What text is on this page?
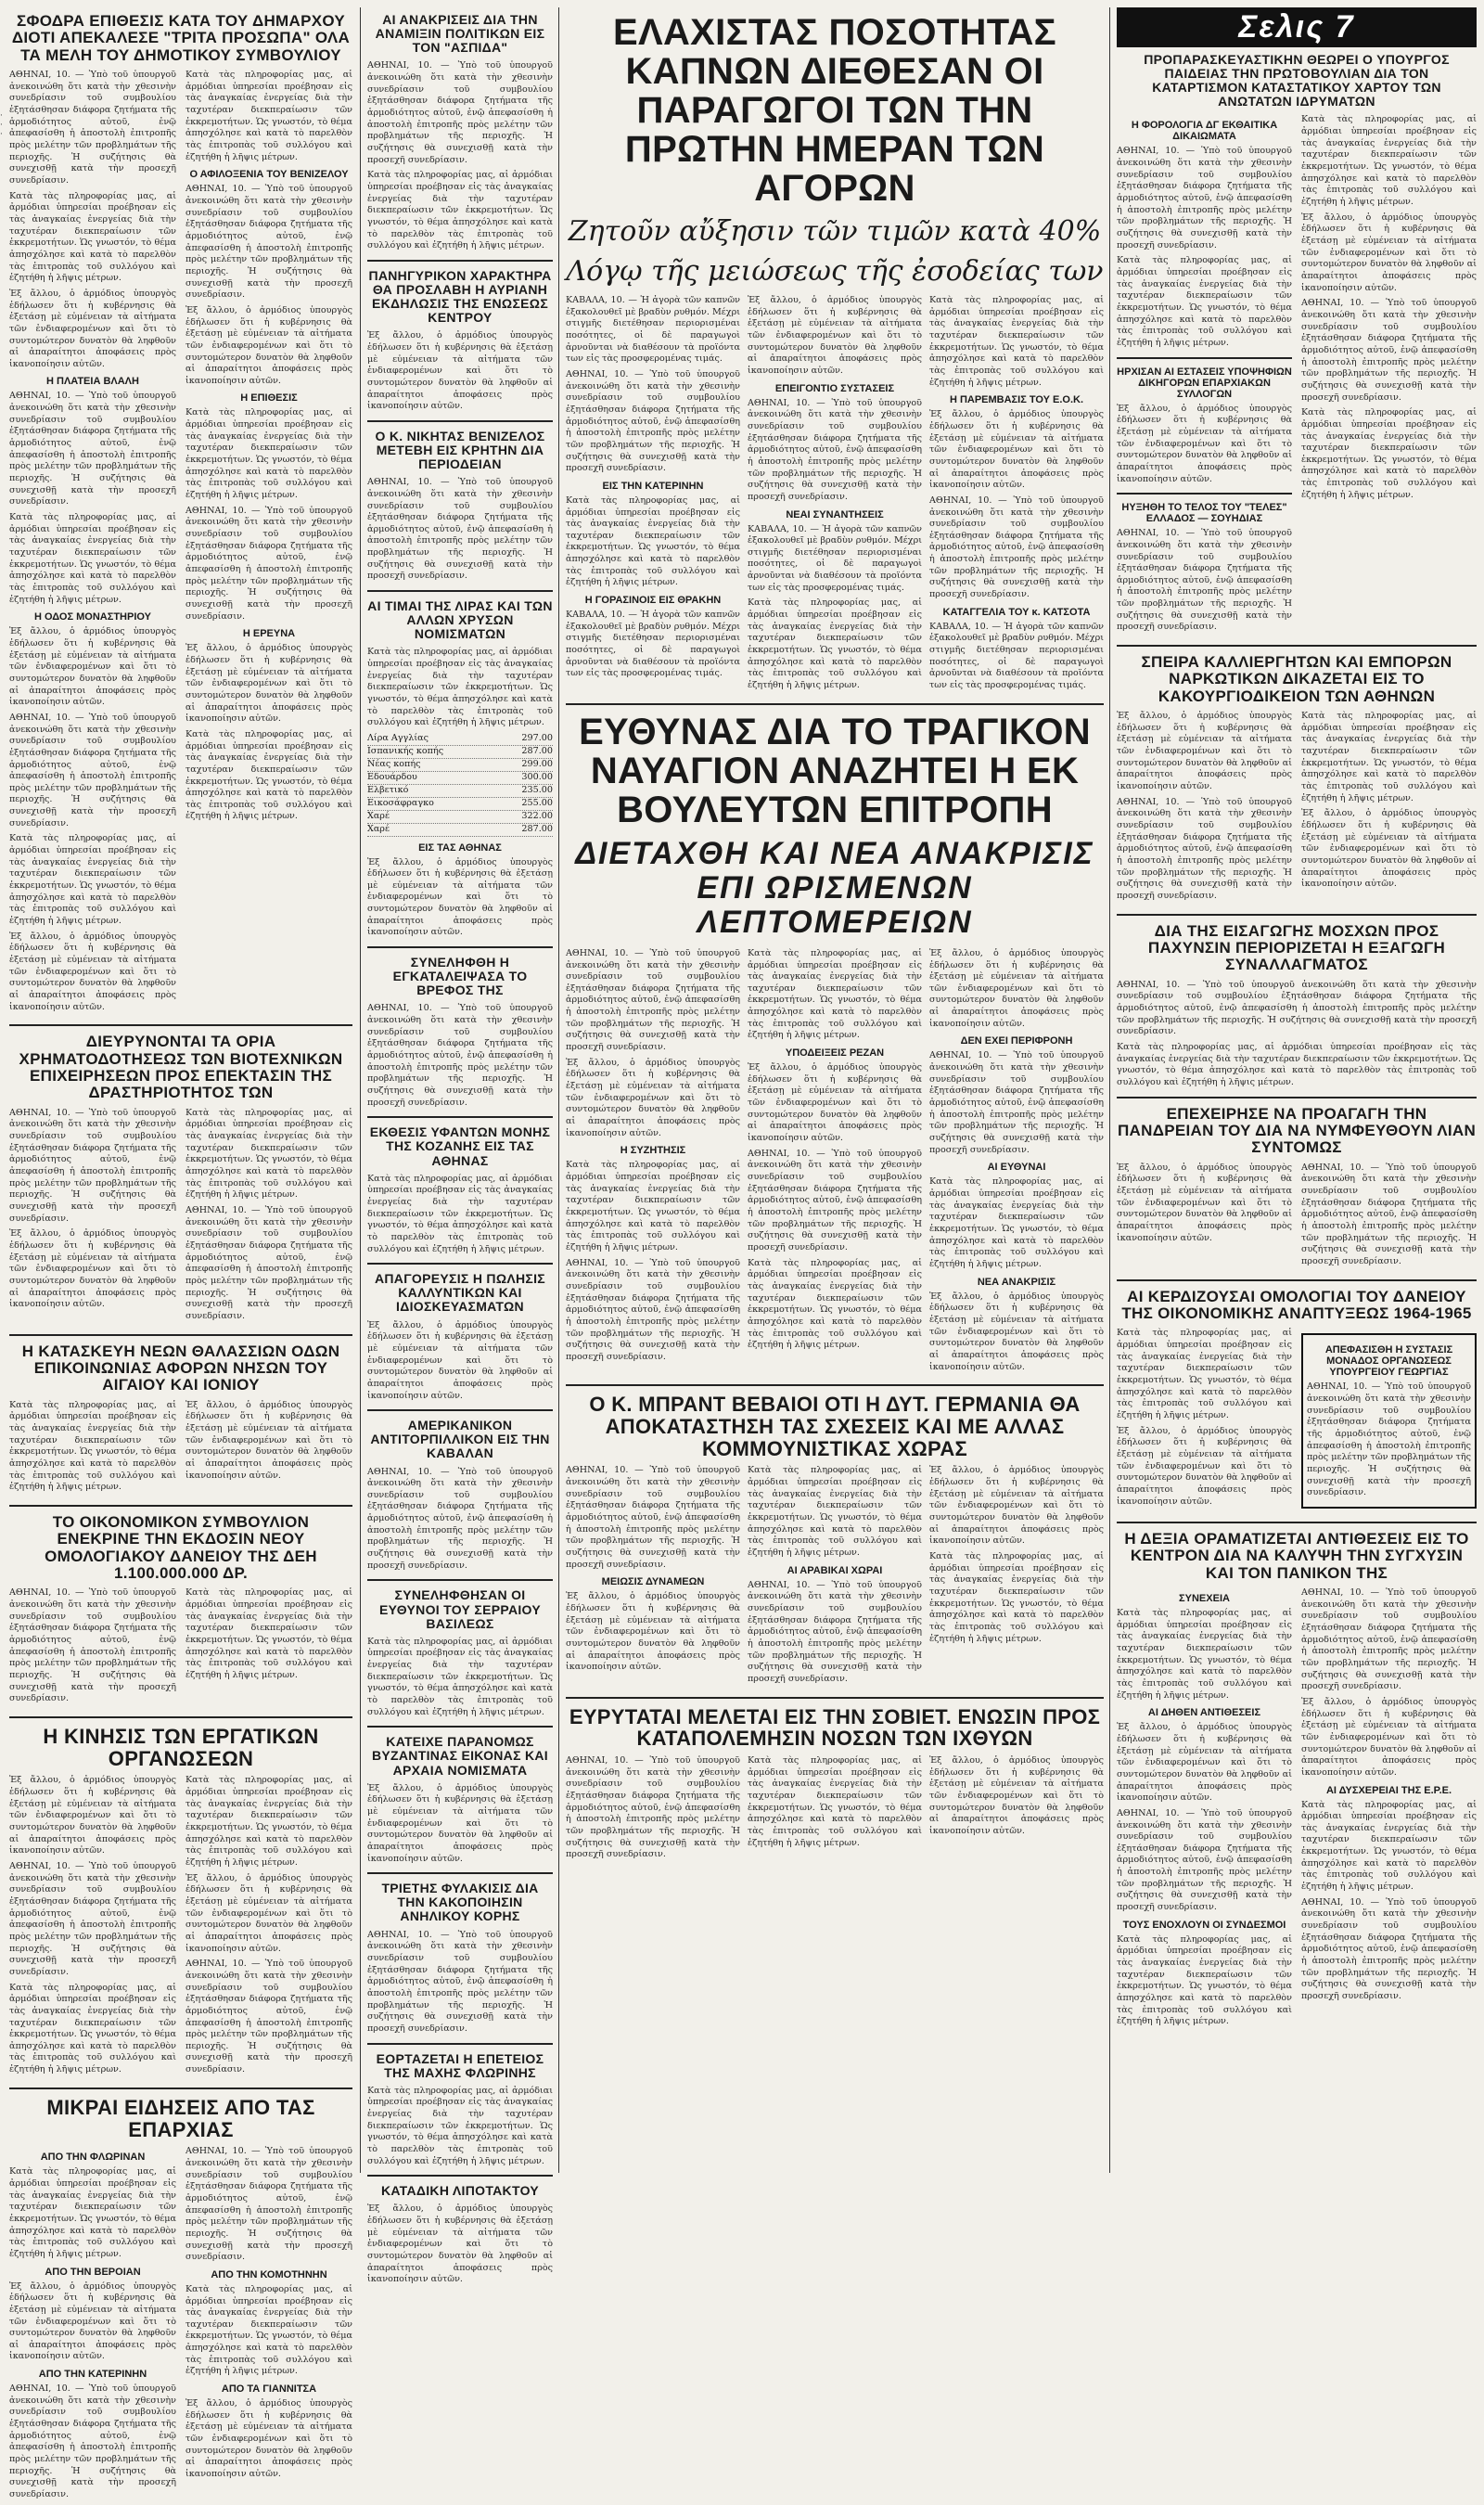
·
·
·
ΣΦΟΔΡΑ ΕΠΙΘΕΣΙΣ ΚΑΤΑ ΤΟΥ ΔΗΜΑΡΧΟΥ ΔΙΟΤΙ ΑΠΕΚΑΛΕΣΕ "ΤΡΙΤΑ ΠΡΟΣΩΠΑ" ΟΛΑ ΤΑ ΜΕΛΗ ΤΟΥ ΔΗΜΟΤΙΚΟΥ ΣΥΜΒΟΥΛΙΟΥ

ΑΘΗΝΑΙ, 10. — Ὑπὸ τοῦ ὑπουργοῦ ἀνεκοινώθη ὅτι κατὰ τὴν χθεσινὴν συνεδρίασιν τοῦ συμβουλίου ἐξητάσθησαν διάφορα ζητήματα τῆς ἁρμοδιότητος αὐτοῦ, ἐνῷ ἀπεφασίσθη ἡ ἀποστολὴ ἐπιτροπῆς πρὸς μελέτην τῶν προβλημάτων τῆς περιοχῆς. Ἡ συζήτησις θὰ συνεχισθῇ κατὰ τὴν προσεχῆ συνεδρίασιν.

Κατὰ τὰς πληροφορίας μας, αἱ ἀρμόδιαι ὑπηρεσίαι προέβησαν εἰς τὰς ἀναγκαίας ἐνεργείας διὰ τὴν ταχυτέραν διεκπεραίωσιν τῶν ἐκκρεμοτήτων. Ὡς γνωστόν, τὸ θέμα ἀπησχόλησε καὶ κατὰ τὸ παρελθὸν τὰς ἐπιτροπὰς τοῦ συλλόγου καὶ ἐζητήθη ἡ λῆψις μέτρων.

Ἐξ ἄλλου, ὁ ἀρμόδιος ὑπουργὸς ἐδήλωσεν ὅτι ἡ κυβέρνησις θὰ ἐξετάσῃ μὲ εὐμένειαν τὰ αἰτήματα τῶν ἐνδιαφερομένων καὶ ὅτι τὸ συντομώτερον δυνατὸν θὰ ληφθοῦν αἱ ἀπαραίτητοι ἀποφάσεις πρὸς ἱκανοποίησιν αὐτῶν.

Η ΠΛΑΤΕΙΑ ΒΛΑΛΗ

ΑΘΗΝΑΙ, 10. — Ὑπὸ τοῦ ὑπουργοῦ ἀνεκοινώθη ὅτι κατὰ τὴν χθεσινὴν συνεδρίασιν τοῦ συμβουλίου ἐξητάσθησαν διάφορα ζητήματα τῆς ἁρμοδιότητος αὐτοῦ, ἐνῷ ἀπεφασίσθη ἡ ἀποστολὴ ἐπιτροπῆς πρὸς μελέτην τῶν προβλημάτων τῆς περιοχῆς. Ἡ συζήτησις θὰ συνεχισθῇ κατὰ τὴν προσεχῆ συνεδρίασιν.

Κατὰ τὰς πληροφορίας μας, αἱ ἀρμόδιαι ὑπηρεσίαι προέβησαν εἰς τὰς ἀναγκαίας ἐνεργείας διὰ τὴν ταχυτέραν διεκπεραίωσιν τῶν ἐκκρεμοτήτων. Ὡς γνωστόν, τὸ θέμα ἀπησχόλησε καὶ κατὰ τὸ παρελθὸν τὰς ἐπιτροπὰς τοῦ συλλόγου καὶ ἐζητήθη ἡ λῆψις μέτρων.

Η ΟΔΟΣ ΜΟΝΑΣΤΗΡΙΟΥ

Ἐξ ἄλλου, ὁ ἀρμόδιος ὑπουργὸς ἐδήλωσεν ὅτι ἡ κυβέρνησις θὰ ἐξετάσῃ μὲ εὐμένειαν τὰ αἰτήματα τῶν ἐνδιαφερομένων καὶ ὅτι τὸ συντομώτερον δυνατὸν θὰ ληφθοῦν αἱ ἀπαραίτητοι ἀποφάσεις πρὸς ἱκανοποίησιν αὐτῶν.

ΑΘΗΝΑΙ, 10. — Ὑπὸ τοῦ ὑπουργοῦ ἀνεκοινώθη ὅτι κατὰ τὴν χθεσινὴν συνεδρίασιν τοῦ συμβουλίου ἐξητάσθησαν διάφορα ζητήματα τῆς ἁρμοδιότητος αὐτοῦ, ἐνῷ ἀπεφασίσθη ἡ ἀποστολὴ ἐπιτροπῆς πρὸς μελέτην τῶν προβλημάτων τῆς περιοχῆς. Ἡ συζήτησις θὰ συνεχισθῇ κατὰ τὴν προσεχῆ συνεδρίασιν.

Κατὰ τὰς πληροφορίας μας, αἱ ἀρμόδιαι ὑπηρεσίαι προέβησαν εἰς τὰς ἀναγκαίας ἐνεργείας διὰ τὴν ταχυτέραν διεκπεραίωσιν τῶν ἐκκρεμοτήτων. Ὡς γνωστόν, τὸ θέμα ἀπησχόλησε καὶ κατὰ τὸ παρελθὸν τὰς ἐπιτροπὰς τοῦ συλλόγου καὶ ἐζητήθη ἡ λῆψις μέτρων.

Ἐξ ἄλλου, ὁ ἀρμόδιος ὑπουργὸς ἐδήλωσεν ὅτι ἡ κυβέρνησις θὰ ἐξετάσῃ μὲ εὐμένειαν τὰ αἰτήματα τῶν ἐνδιαφερομένων καὶ ὅτι τὸ συντομώτερον δυνατὸν θὰ ληφθοῦν αἱ ἀπαραίτητοι ἀποφάσεις πρὸς ἱκανοποίησιν αὐτῶν.

Κατὰ τὰς πληροφορίας μας, αἱ ἀρμόδιαι ὑπηρεσίαι προέβησαν εἰς τὰς ἀναγκαίας ἐνεργείας διὰ τὴν ταχυτέραν διεκπεραίωσιν τῶν ἐκκρεμοτήτων. Ὡς γνωστόν, τὸ θέμα ἀπησχόλησε καὶ κατὰ τὸ παρελθὸν τὰς ἐπιτροπὰς τοῦ συλλόγου καὶ ἐζητήθη ἡ λῆψις μέτρων.

Ο ΑΦΙΛΟΞΕΝΙΑ ΤΟΥ ΒΕΝΙΖΕΛΟΥ

ΑΘΗΝΑΙ, 10. — Ὑπὸ τοῦ ὑπουργοῦ ἀνεκοινώθη ὅτι κατὰ τὴν χθεσινὴν συνεδρίασιν τοῦ συμβουλίου ἐξητάσθησαν διάφορα ζητήματα τῆς ἁρμοδιότητος αὐτοῦ, ἐνῷ ἀπεφασίσθη ἡ ἀποστολὴ ἐπιτροπῆς πρὸς μελέτην τῶν προβλημάτων τῆς περιοχῆς. Ἡ συζήτησις θὰ συνεχισθῇ κατὰ τὴν προσεχῆ συνεδρίασιν.

Ἐξ ἄλλου, ὁ ἀρμόδιος ὑπουργὸς ἐδήλωσεν ὅτι ἡ κυβέρνησις θὰ ἐξετάσῃ μὲ εὐμένειαν τὰ αἰτήματα τῶν ἐνδιαφερομένων καὶ ὅτι τὸ συντομώτερον δυνατὸν θὰ ληφθοῦν αἱ ἀπαραίτητοι ἀποφάσεις πρὸς ἱκανοποίησιν αὐτῶν.

Η ΕΠΙΘΕΣΙΣ

Κατὰ τὰς πληροφορίας μας, αἱ ἀρμόδιαι ὑπηρεσίαι προέβησαν εἰς τὰς ἀναγκαίας ἐνεργείας διὰ τὴν ταχυτέραν διεκπεραίωσιν τῶν ἐκκρεμοτήτων. Ὡς γνωστόν, τὸ θέμα ἀπησχόλησε καὶ κατὰ τὸ παρελθὸν τὰς ἐπιτροπὰς τοῦ συλλόγου καὶ ἐζητήθη ἡ λῆψις μέτρων.

ΑΘΗΝΑΙ, 10. — Ὑπὸ τοῦ ὑπουργοῦ ἀνεκοινώθη ὅτι κατὰ τὴν χθεσινὴν συνεδρίασιν τοῦ συμβουλίου ἐξητάσθησαν διάφορα ζητήματα τῆς ἁρμοδιότητος αὐτοῦ, ἐνῷ ἀπεφασίσθη ἡ ἀποστολὴ ἐπιτροπῆς πρὸς μελέτην τῶν προβλημάτων τῆς περιοχῆς. Ἡ συζήτησις θὰ συνεχισθῇ κατὰ τὴν προσεχῆ συνεδρίασιν.

Η ΕΡΕΥΝΑ

Ἐξ ἄλλου, ὁ ἀρμόδιος ὑπουργὸς ἐδήλωσεν ὅτι ἡ κυβέρνησις θὰ ἐξετάσῃ μὲ εὐμένειαν τὰ αἰτήματα τῶν ἐνδιαφερομένων καὶ ὅτι τὸ συντομώτερον δυνατὸν θὰ ληφθοῦν αἱ ἀπαραίτητοι ἀποφάσεις πρὸς ἱκανοποίησιν αὐτῶν.

Κατὰ τὰς πληροφορίας μας, αἱ ἀρμόδιαι ὑπηρεσίαι προέβησαν εἰς τὰς ἀναγκαίας ἐνεργείας διὰ τὴν ταχυτέραν διεκπεραίωσιν τῶν ἐκκρεμοτήτων. Ὡς γνωστόν, τὸ θέμα ἀπησχόλησε καὶ κατὰ τὸ παρελθὸν τὰς ἐπιτροπὰς τοῦ συλλόγου καὶ ἐζητήθη ἡ λῆψις μέτρων.

ΔΙΕΥΡΥΝΟΝΤΑΙ ΤΑ ΟΡΙΑ ΧΡΗΜΑΤΟΔΟΤΗΣΕΩΣ ΤΩΝ ΒΙΟΤΕΧΝΙΚΩΝ ΕΠΙΧΕΙΡΗΣΕΩΝ ΠΡΟΣ ΕΠΕΚΤΑΣΙΝ ΤΗΣ ΔΡΑΣΤΗΡΙΟΤΗΤΟΣ ΤΩΝ

ΑΘΗΝΑΙ, 10. — Ὑπὸ τοῦ ὑπουργοῦ ἀνεκοινώθη ὅτι κατὰ τὴν χθεσινὴν συνεδρίασιν τοῦ συμβουλίου ἐξητάσθησαν διάφορα ζητήματα τῆς ἁρμοδιότητος αὐτοῦ, ἐνῷ ἀπεφασίσθη ἡ ἀποστολὴ ἐπιτροπῆς πρὸς μελέτην τῶν προβλημάτων τῆς περιοχῆς. Ἡ συζήτησις θὰ συνεχισθῇ κατὰ τὴν προσεχῆ συνεδρίασιν.

Ἐξ ἄλλου, ὁ ἀρμόδιος ὑπουργὸς ἐδήλωσεν ὅτι ἡ κυβέρνησις θὰ ἐξετάσῃ μὲ εὐμένειαν τὰ αἰτήματα τῶν ἐνδιαφερομένων καὶ ὅτι τὸ συντομώτερον δυνατὸν θὰ ληφθοῦν αἱ ἀπαραίτητοι ἀποφάσεις πρὸς ἱκανοποίησιν αὐτῶν.

Κατὰ τὰς πληροφορίας μας, αἱ ἀρμόδιαι ὑπηρεσίαι προέβησαν εἰς τὰς ἀναγκαίας ἐνεργείας διὰ τὴν ταχυτέραν διεκπεραίωσιν τῶν ἐκκρεμοτήτων. Ὡς γνωστόν, τὸ θέμα ἀπησχόλησε καὶ κατὰ τὸ παρελθὸν τὰς ἐπιτροπὰς τοῦ συλλόγου καὶ ἐζητήθη ἡ λῆψις μέτρων.

ΑΘΗΝΑΙ, 10. — Ὑπὸ τοῦ ὑπουργοῦ ἀνεκοινώθη ὅτι κατὰ τὴν χθεσινὴν συνεδρίασιν τοῦ συμβουλίου ἐξητάσθησαν διάφορα ζητήματα τῆς ἁρμοδιότητος αὐτοῦ, ἐνῷ ἀπεφασίσθη ἡ ἀποστολὴ ἐπιτροπῆς πρὸς μελέτην τῶν προβλημάτων τῆς περιοχῆς. Ἡ συζήτησις θὰ συνεχισθῇ κατὰ τὴν προσεχῆ συνεδρίασιν.

Η ΚΑΤΑΣΚΕΥΗ ΝΕΩΝ ΘΑΛΑΣΣΙΩΝ ΟΔΩΝ ΕΠΙΚΟΙΝΩΝΙΑΣ ΑΦΟΡΩΝ ΝΗΣΩΝ ΤΟΥ ΑΙΓΑΙΟΥ ΚΑΙ ΙΟΝΙΟΥ

Κατὰ τὰς πληροφορίας μας, αἱ ἀρμόδιαι ὑπηρεσίαι προέβησαν εἰς τὰς ἀναγκαίας ἐνεργείας διὰ τὴν ταχυτέραν διεκπεραίωσιν τῶν ἐκκρεμοτήτων. Ὡς γνωστόν, τὸ θέμα ἀπησχόλησε καὶ κατὰ τὸ παρελθὸν τὰς ἐπιτροπὰς τοῦ συλλόγου καὶ ἐζητήθη ἡ λῆψις μέτρων.

Ἐξ ἄλλου, ὁ ἀρμόδιος ὑπουργὸς ἐδήλωσεν ὅτι ἡ κυβέρνησις θὰ ἐξετάσῃ μὲ εὐμένειαν τὰ αἰτήματα τῶν ἐνδιαφερομένων καὶ ὅτι τὸ συντομώτερον δυνατὸν θὰ ληφθοῦν αἱ ἀπαραίτητοι ἀποφάσεις πρὸς ἱκανοποίησιν αὐτῶν.

ΤΟ ΟΙΚΟΝΟΜΙΚΟΝ ΣΥΜΒΟΥΛΙΟΝ ΕΝΕΚΡΙΝΕ ΤΗΝ ΕΚΔΟΣΙΝ ΝΕΟΥ ΟΜΟΛΟΓΙΑΚΟΥ ΔΑΝΕΙΟΥ ΤΗΣ ΔΕΗ 1.100.000.000 ΔΡ.

ΑΘΗΝΑΙ, 10. — Ὑπὸ τοῦ ὑπουργοῦ ἀνεκοινώθη ὅτι κατὰ τὴν χθεσινὴν συνεδρίασιν τοῦ συμβουλίου ἐξητάσθησαν διάφορα ζητήματα τῆς ἁρμοδιότητος αὐτοῦ, ἐνῷ ἀπεφασίσθη ἡ ἀποστολὴ ἐπιτροπῆς πρὸς μελέτην τῶν προβλημάτων τῆς περιοχῆς. Ἡ συζήτησις θὰ συνεχισθῇ κατὰ τὴν προσεχῆ συνεδρίασιν.

Κατὰ τὰς πληροφορίας μας, αἱ ἀρμόδιαι ὑπηρεσίαι προέβησαν εἰς τὰς ἀναγκαίας ἐνεργείας διὰ τὴν ταχυτέραν διεκπεραίωσιν τῶν ἐκκρεμοτήτων. Ὡς γνωστόν, τὸ θέμα ἀπησχόλησε καὶ κατὰ τὸ παρελθὸν τὰς ἐπιτροπὰς τοῦ συλλόγου καὶ ἐζητήθη ἡ λῆψις μέτρων.

Η ΚΙΝΗΣΙΣ ΤΩΝ ΕΡΓΑΤΙΚΩΝ ΟΡΓΑΝΩΣΕΩΝ

Ἐξ ἄλλου, ὁ ἀρμόδιος ὑπουργὸς ἐδήλωσεν ὅτι ἡ κυβέρνησις θὰ ἐξετάσῃ μὲ εὐμένειαν τὰ αἰτήματα τῶν ἐνδιαφερομένων καὶ ὅτι τὸ συντομώτερον δυνατὸν θὰ ληφθοῦν αἱ ἀπαραίτητοι ἀποφάσεις πρὸς ἱκανοποίησιν αὐτῶν.

ΑΘΗΝΑΙ, 10. — Ὑπὸ τοῦ ὑπουργοῦ ἀνεκοινώθη ὅτι κατὰ τὴν χθεσινὴν συνεδρίασιν τοῦ συμβουλίου ἐξητάσθησαν διάφορα ζητήματα τῆς ἁρμοδιότητος αὐτοῦ, ἐνῷ ἀπεφασίσθη ἡ ἀποστολὴ ἐπιτροπῆς πρὸς μελέτην τῶν προβλημάτων τῆς περιοχῆς. Ἡ συζήτησις θὰ συνεχισθῇ κατὰ τὴν προσεχῆ συνεδρίασιν.

Κατὰ τὰς πληροφορίας μας, αἱ ἀρμόδιαι ὑπηρεσίαι προέβησαν εἰς τὰς ἀναγκαίας ἐνεργείας διὰ τὴν ταχυτέραν διεκπεραίωσιν τῶν ἐκκρεμοτήτων. Ὡς γνωστόν, τὸ θέμα ἀπησχόλησε καὶ κατὰ τὸ παρελθὸν τὰς ἐπιτροπὰς τοῦ συλλόγου καὶ ἐζητήθη ἡ λῆψις μέτρων.

Κατὰ τὰς πληροφορίας μας, αἱ ἀρμόδιαι ὑπηρεσίαι προέβησαν εἰς τὰς ἀναγκαίας ἐνεργείας διὰ τὴν ταχυτέραν διεκπεραίωσιν τῶν ἐκκρεμοτήτων. Ὡς γνωστόν, τὸ θέμα ἀπησχόλησε καὶ κατὰ τὸ παρελθὸν τὰς ἐπιτροπὰς τοῦ συλλόγου καὶ ἐζητήθη ἡ λῆψις μέτρων.

Ἐξ ἄλλου, ὁ ἀρμόδιος ὑπουργὸς ἐδήλωσεν ὅτι ἡ κυβέρνησις θὰ ἐξετάσῃ μὲ εὐμένειαν τὰ αἰτήματα τῶν ἐνδιαφερομένων καὶ ὅτι τὸ συντομώτερον δυνατὸν θὰ ληφθοῦν αἱ ἀπαραίτητοι ἀποφάσεις πρὸς ἱκανοποίησιν αὐτῶν.

ΑΘΗΝΑΙ, 10. — Ὑπὸ τοῦ ὑπουργοῦ ἀνεκοινώθη ὅτι κατὰ τὴν χθεσινὴν συνεδρίασιν τοῦ συμβουλίου ἐξητάσθησαν διάφορα ζητήματα τῆς ἁρμοδιότητος αὐτοῦ, ἐνῷ ἀπεφασίσθη ἡ ἀποστολὴ ἐπιτροπῆς πρὸς μελέτην τῶν προβλημάτων τῆς περιοχῆς. Ἡ συζήτησις θὰ συνεχισθῇ κατὰ τὴν προσεχῆ συνεδρίασιν.

ΜΙΚΡΑΙ ΕΙΔΗΣΕΙΣ ΑΠΟ ΤΑΣ ΕΠΑΡΧΙΑΣ
ΑΠΟ ΤΗΝ ΦΛΩΡΙΝΑΝ

Κατὰ τὰς πληροφορίας μας, αἱ ἀρμόδιαι ὑπηρεσίαι προέβησαν εἰς τὰς ἀναγκαίας ἐνεργείας διὰ τὴν ταχυτέραν διεκπεραίωσιν τῶν ἐκκρεμοτήτων. Ὡς γνωστόν, τὸ θέμα ἀπησχόλησε καὶ κατὰ τὸ παρελθὸν τὰς ἐπιτροπὰς τοῦ συλλόγου καὶ ἐζητήθη ἡ λῆψις μέτρων.

ΑΠΟ ΤΗΝ ΒΕΡΟΙΑΝ

Ἐξ ἄλλου, ὁ ἀρμόδιος ὑπουργὸς ἐδήλωσεν ὅτι ἡ κυβέρνησις θὰ ἐξετάσῃ μὲ εὐμένειαν τὰ αἰτήματα τῶν ἐνδιαφερομένων καὶ ὅτι τὸ συντομώτερον δυνατὸν θὰ ληφθοῦν αἱ ἀπαραίτητοι ἀποφάσεις πρὸς ἱκανοποίησιν αὐτῶν.

ΑΠΟ ΤΗΝ ΚΑΤΕΡΙΝΗΝ

ΑΘΗΝΑΙ, 10. — Ὑπὸ τοῦ ὑπουργοῦ ἀνεκοινώθη ὅτι κατὰ τὴν χθεσινὴν συνεδρίασιν τοῦ συμβουλίου ἐξητάσθησαν διάφορα ζητήματα τῆς ἁρμοδιότητος αὐτοῦ, ἐνῷ ἀπεφασίσθη ἡ ἀποστολὴ ἐπιτροπῆς πρὸς μελέτην τῶν προβλημάτων τῆς περιοχῆς. Ἡ συζήτησις θὰ συνεχισθῇ κατὰ τὴν προσεχῆ συνεδρίασιν.

ΑΘΗΝΑΙ, 10. — Ὑπὸ τοῦ ὑπουργοῦ ἀνεκοινώθη ὅτι κατὰ τὴν χθεσινὴν συνεδρίασιν τοῦ συμβουλίου ἐξητάσθησαν διάφορα ζητήματα τῆς ἁρμοδιότητος αὐτοῦ, ἐνῷ ἀπεφασίσθη ἡ ἀποστολὴ ἐπιτροπῆς πρὸς μελέτην τῶν προβλημάτων τῆς περιοχῆς. Ἡ συζήτησις θὰ συνεχισθῇ κατὰ τὴν προσεχῆ συνεδρίασιν.

ΑΠΟ ΤΗΝ ΚΟΜΟΤΗΝΗΝ

Κατὰ τὰς πληροφορίας μας, αἱ ἀρμόδιαι ὑπηρεσίαι προέβησαν εἰς τὰς ἀναγκαίας ἐνεργείας διὰ τὴν ταχυτέραν διεκπεραίωσιν τῶν ἐκκρεμοτήτων. Ὡς γνωστόν, τὸ θέμα ἀπησχόλησε καὶ κατὰ τὸ παρελθὸν τὰς ἐπιτροπὰς τοῦ συλλόγου καὶ ἐζητήθη ἡ λῆψις μέτρων.

ΑΠΟ ΤΑ ΓΙΑΝΝΙΤΣΑ

Ἐξ ἄλλου, ὁ ἀρμόδιος ὑπουργὸς ἐδήλωσεν ὅτι ἡ κυβέρνησις θὰ ἐξετάσῃ μὲ εὐμένειαν τὰ αἰτήματα τῶν ἐνδιαφερομένων καὶ ὅτι τὸ συντομώτερον δυνατὸν θὰ ληφθοῦν αἱ ἀπαραίτητοι ἀποφάσεις πρὸς ἱκανοποίησιν αὐτῶν.

ΑΙ ΑΝΑΚΡΙΣΕΙΣ ΔΙΑ ΤΗΝ ΑΝΑΜΙΞΙΝ ΠΟΛΙΤΙΚΩΝ ΕΙΣ ΤΟΝ "ΑΣΠΙΔΑ"

ΑΘΗΝΑΙ, 10. — Ὑπὸ τοῦ ὑπουργοῦ ἀνεκοινώθη ὅτι κατὰ τὴν χθεσινὴν συνεδρίασιν τοῦ συμβουλίου ἐξητάσθησαν διάφορα ζητήματα τῆς ἁρμοδιότητος αὐτοῦ, ἐνῷ ἀπεφασίσθη ἡ ἀποστολὴ ἐπιτροπῆς πρὸς μελέτην τῶν προβλημάτων τῆς περιοχῆς. Ἡ συζήτησις θὰ συνεχισθῇ κατὰ τὴν προσεχῆ συνεδρίασιν.

Κατὰ τὰς πληροφορίας μας, αἱ ἀρμόδιαι ὑπηρεσίαι προέβησαν εἰς τὰς ἀναγκαίας ἐνεργείας διὰ τὴν ταχυτέραν διεκπεραίωσιν τῶν ἐκκρεμοτήτων. Ὡς γνωστόν, τὸ θέμα ἀπησχόλησε καὶ κατὰ τὸ παρελθὸν τὰς ἐπιτροπὰς τοῦ συλλόγου καὶ ἐζητήθη ἡ λῆψις μέτρων.

ΠΑΝΗΓΥΡΙΚΟΝ ΧΑΡΑΚΤΗΡΑ ΘΑ ΠΡΟΣΛΑΒΗ Η ΑΥΡΙΑΝΗ ΕΚΔΗΛΩΣΙΣ ΤΗΣ ΕΝΩΣΕΩΣ ΚΕΝΤΡΟΥ

Ἐξ ἄλλου, ὁ ἀρμόδιος ὑπουργὸς ἐδήλωσεν ὅτι ἡ κυβέρνησις θὰ ἐξετάσῃ μὲ εὐμένειαν τὰ αἰτήματα τῶν ἐνδιαφερομένων καὶ ὅτι τὸ συντομώτερον δυνατὸν θὰ ληφθοῦν αἱ ἀπαραίτητοι ἀποφάσεις πρὸς ἱκανοποίησιν αὐτῶν.

Ο Κ. ΝΙΚΗΤΑΣ ΒΕΝΙΖΕΛΟΣ ΜΕΤΕΒΗ ΕΙΣ ΚΡΗΤΗΝ ΔΙΑ ΠΕΡΙΟΔΕΙΑΝ

ΑΘΗΝΑΙ, 10. — Ὑπὸ τοῦ ὑπουργοῦ ἀνεκοινώθη ὅτι κατὰ τὴν χθεσινὴν συνεδρίασιν τοῦ συμβουλίου ἐξητάσθησαν διάφορα ζητήματα τῆς ἁρμοδιότητος αὐτοῦ, ἐνῷ ἀπεφασίσθη ἡ ἀποστολὴ ἐπιτροπῆς πρὸς μελέτην τῶν προβλημάτων τῆς περιοχῆς. Ἡ συζήτησις θὰ συνεχισθῇ κατὰ τὴν προσεχῆ συνεδρίασιν.

ΑΙ ΤΙΜΑΙ ΤΗΣ ΛΙΡΑΣ ΚΑΙ ΤΩΝ ΑΛΛΩΝ ΧΡΥΣΩΝ ΝΟΜΙΣΜΑΤΩΝ

Κατὰ τὰς πληροφορίας μας, αἱ ἀρμόδιαι ὑπηρεσίαι προέβησαν εἰς τὰς ἀναγκαίας ἐνεργείας διὰ τὴν ταχυτέραν διεκπεραίωσιν τῶν ἐκκρεμοτήτων. Ὡς γνωστόν, τὸ θέμα ἀπησχόλησε καὶ κατὰ τὸ παρελθὸν τὰς ἐπιτροπὰς τοῦ συλλόγου καὶ ἐζητήθη ἡ λῆψις μέτρων.

Λίρα Αγγλίας	297.00
Ισπανικής κοπής	287.00
Νέας κοπής	299.00
Εδουάρδου	300.00
Ελβετικό	235.00
Εικοσάφραγκο	255.00
Χαρέ	322.00
Χαρέ	287.00
ΕΙΣ ΤΑΣ ΑΘΗΝΑΣ

Ἐξ ἄλλου, ὁ ἀρμόδιος ὑπουργὸς ἐδήλωσεν ὅτι ἡ κυβέρνησις θὰ ἐξετάσῃ μὲ εὐμένειαν τὰ αἰτήματα τῶν ἐνδιαφερομένων καὶ ὅτι τὸ συντομώτερον δυνατὸν θὰ ληφθοῦν αἱ ἀπαραίτητοι ἀποφάσεις πρὸς ἱκανοποίησιν αὐτῶν.

ΣΥΝΕΛΗΦΘΗ Η ΕΓΚΑΤΑΛΕΙΨΑΣΑ ΤΟ ΒΡΕΦΟΣ ΤΗΣ

ΑΘΗΝΑΙ, 10. — Ὑπὸ τοῦ ὑπουργοῦ ἀνεκοινώθη ὅτι κατὰ τὴν χθεσινὴν συνεδρίασιν τοῦ συμβουλίου ἐξητάσθησαν διάφορα ζητήματα τῆς ἁρμοδιότητος αὐτοῦ, ἐνῷ ἀπεφασίσθη ἡ ἀποστολὴ ἐπιτροπῆς πρὸς μελέτην τῶν προβλημάτων τῆς περιοχῆς. Ἡ συζήτησις θὰ συνεχισθῇ κατὰ τὴν προσεχῆ συνεδρίασιν.

ΕΚΘΕΣΙΣ ΥΦΑΝΤΩΝ ΜΟΝΗΣ ΤΗΣ ΚΟΖΑΝΗΣ ΕΙΣ ΤΑΣ ΑΘΗΝΑΣ

Κατὰ τὰς πληροφορίας μας, αἱ ἀρμόδιαι ὑπηρεσίαι προέβησαν εἰς τὰς ἀναγκαίας ἐνεργείας διὰ τὴν ταχυτέραν διεκπεραίωσιν τῶν ἐκκρεμοτήτων. Ὡς γνωστόν, τὸ θέμα ἀπησχόλησε καὶ κατὰ τὸ παρελθὸν τὰς ἐπιτροπὰς τοῦ συλλόγου καὶ ἐζητήθη ἡ λῆψις μέτρων.

ΑΠΑΓΟΡΕΥΣΙΣ Η ΠΩΛΗΣΙΣ ΚΑΛΛΥΝΤΙΚΩΝ ΚΑΙ ΙΔΙΟΣΚΕΥΑΣΜΑΤΩΝ

Ἐξ ἄλλου, ὁ ἀρμόδιος ὑπουργὸς ἐδήλωσεν ὅτι ἡ κυβέρνησις θὰ ἐξετάσῃ μὲ εὐμένειαν τὰ αἰτήματα τῶν ἐνδιαφερομένων καὶ ὅτι τὸ συντομώτερον δυνατὸν θὰ ληφθοῦν αἱ ἀπαραίτητοι ἀποφάσεις πρὸς ἱκανοποίησιν αὐτῶν.

ΑΜΕΡΙΚΑΝΙΚΟΝ ΑΝΤΙΤΟΡΠΙΛΛΙΚΟΝ ΕΙΣ ΤΗΝ ΚΑΒΑΛΑΝ

ΑΘΗΝΑΙ, 10. — Ὑπὸ τοῦ ὑπουργοῦ ἀνεκοινώθη ὅτι κατὰ τὴν χθεσινὴν συνεδρίασιν τοῦ συμβουλίου ἐξητάσθησαν διάφορα ζητήματα τῆς ἁρμοδιότητος αὐτοῦ, ἐνῷ ἀπεφασίσθη ἡ ἀποστολὴ ἐπιτροπῆς πρὸς μελέτην τῶν προβλημάτων τῆς περιοχῆς. Ἡ συζήτησις θὰ συνεχισθῇ κατὰ τὴν προσεχῆ συνεδρίασιν.

ΣΥΝΕΛΗΦΘΗΣΑΝ ΟΙ ΕΥΘΥΝΟΙ ΤΟΥ ΣΕΡΡΑΙΟΥ ΒΑΣΙΛΕΩΣ

Κατὰ τὰς πληροφορίας μας, αἱ ἀρμόδιαι ὑπηρεσίαι προέβησαν εἰς τὰς ἀναγκαίας ἐνεργείας διὰ τὴν ταχυτέραν διεκπεραίωσιν τῶν ἐκκρεμοτήτων. Ὡς γνωστόν, τὸ θέμα ἀπησχόλησε καὶ κατὰ τὸ παρελθὸν τὰς ἐπιτροπὰς τοῦ συλλόγου καὶ ἐζητήθη ἡ λῆψις μέτρων.

ΚΑΤΕΙΧΕ ΠΑΡΑΝΟΜΩΣ ΒΥΖΑΝΤΙΝΑΣ ΕΙΚΟΝΑΣ ΚΑΙ ΑΡΧΑΙΑ ΝΟΜΙΣΜΑΤΑ

Ἐξ ἄλλου, ὁ ἀρμόδιος ὑπουργὸς ἐδήλωσεν ὅτι ἡ κυβέρνησις θὰ ἐξετάσῃ μὲ εὐμένειαν τὰ αἰτήματα τῶν ἐνδιαφερομένων καὶ ὅτι τὸ συντομώτερον δυνατὸν θὰ ληφθοῦν αἱ ἀπαραίτητοι ἀποφάσεις πρὸς ἱκανοποίησιν αὐτῶν.

ΤΡΙΕΤΗΣ ΦΥΛΑΚΙΣΙΣ ΔΙΑ ΤΗΝ ΚΑΚΟΠΟΙΗΣΙΝ ΑΝΗΛΙΚΟΥ ΚΟΡΗΣ

ΑΘΗΝΑΙ, 10. — Ὑπὸ τοῦ ὑπουργοῦ ἀνεκοινώθη ὅτι κατὰ τὴν χθεσινὴν συνεδρίασιν τοῦ συμβουλίου ἐξητάσθησαν διάφορα ζητήματα τῆς ἁρμοδιότητος αὐτοῦ, ἐνῷ ἀπεφασίσθη ἡ ἀποστολὴ ἐπιτροπῆς πρὸς μελέτην τῶν προβλημάτων τῆς περιοχῆς. Ἡ συζήτησις θὰ συνεχισθῇ κατὰ τὴν προσεχῆ συνεδρίασιν.

ΕΟΡΤΑΖΕΤΑΙ Η ΕΠΕΤΕΙΟΣ ΤΗΣ ΜΑΧΗΣ ΦΛΩΡΙΝΗΣ

Κατὰ τὰς πληροφορίας μας, αἱ ἀρμόδιαι ὑπηρεσίαι προέβησαν εἰς τὰς ἀναγκαίας ἐνεργείας διὰ τὴν ταχυτέραν διεκπεραίωσιν τῶν ἐκκρεμοτήτων. Ὡς γνωστόν, τὸ θέμα ἀπησχόλησε καὶ κατὰ τὸ παρελθὸν τὰς ἐπιτροπὰς τοῦ συλλόγου καὶ ἐζητήθη ἡ λῆψις μέτρων.

ΚΑΤΑΔΙΚΗ ΛΙΠΟΤΑΚΤΟΥ

Ἐξ ἄλλου, ὁ ἀρμόδιος ὑπουργὸς ἐδήλωσεν ὅτι ἡ κυβέρνησις θὰ ἐξετάσῃ μὲ εὐμένειαν τὰ αἰτήματα τῶν ἐνδιαφερομένων καὶ ὅτι τὸ συντομώτερον δυνατὸν θὰ ληφθοῦν αἱ ἀπαραίτητοι ἀποφάσεις πρὸς ἱκανοποίησιν αὐτῶν.

ΕΛΑΧΙΣΤΑΣ ΠΟΣΟΤΗΤΑΣ ΚΑΠΝΩΝ ΔΙΕΘΕΣΑΝ ΟΙ ΠΑΡΑΓΩΓΟΙ ΤΩΝ ΤΗΝ ΠΡΩΤΗΝ ΗΜΕΡΑΝ ΤΩΝ ΑΓΟΡΩΝ
Ζητοῦν αὔξησιν τῶν τιμῶν κατὰ 40%
Λόγῳ τῆς μειώσεως τῆς ἐσοδείας των

ΚΑΒΑΛΑ, 10. — Ἡ ἀγορὰ τῶν καπνῶν ἐξακολουθεῖ μὲ βραδὺν ρυθμόν. Μέχρι στιγμῆς διετέθησαν περιορισμέναι ποσότητες, οἱ δὲ παραγωγοὶ ἀρνοῦνται νὰ διαθέσουν τὰ προϊόντα των εἰς τὰς προσφερομένας τιμάς.

ΑΘΗΝΑΙ, 10. — Ὑπὸ τοῦ ὑπουργοῦ ἀνεκοινώθη ὅτι κατὰ τὴν χθεσινὴν συνεδρίασιν τοῦ συμβουλίου ἐξητάσθησαν διάφορα ζητήματα τῆς ἁρμοδιότητος αὐτοῦ, ἐνῷ ἀπεφασίσθη ἡ ἀποστολὴ ἐπιτροπῆς πρὸς μελέτην τῶν προβλημάτων τῆς περιοχῆς. Ἡ συζήτησις θὰ συνεχισθῇ κατὰ τὴν προσεχῆ συνεδρίασιν.

ΕΙΣ ΤΗΝ ΚΑΤΕΡΙΝΗΝ

Κατὰ τὰς πληροφορίας μας, αἱ ἀρμόδιαι ὑπηρεσίαι προέβησαν εἰς τὰς ἀναγκαίας ἐνεργείας διὰ τὴν ταχυτέραν διεκπεραίωσιν τῶν ἐκκρεμοτήτων. Ὡς γνωστόν, τὸ θέμα ἀπησχόλησε καὶ κατὰ τὸ παρελθὸν τὰς ἐπιτροπὰς τοῦ συλλόγου καὶ ἐζητήθη ἡ λῆψις μέτρων.

Η ΓΟΡΑΣΙΝΟΙΣ ΕΙΣ ΘΡΑΚΗΝ

ΚΑΒΑΛΑ, 10. — Ἡ ἀγορὰ τῶν καπνῶν ἐξακολουθεῖ μὲ βραδὺν ρυθμόν. Μέχρι στιγμῆς διετέθησαν περιορισμέναι ποσότητες, οἱ δὲ παραγωγοὶ ἀρνοῦνται νὰ διαθέσουν τὰ προϊόντα των εἰς τὰς προσφερομένας τιμάς.

Ἐξ ἄλλου, ὁ ἀρμόδιος ὑπουργὸς ἐδήλωσεν ὅτι ἡ κυβέρνησις θὰ ἐξετάσῃ μὲ εὐμένειαν τὰ αἰτήματα τῶν ἐνδιαφερομένων καὶ ὅτι τὸ συντομώτερον δυνατὸν θὰ ληφθοῦν αἱ ἀπαραίτητοι ἀποφάσεις πρὸς ἱκανοποίησιν αὐτῶν.

ΕΠΕΙΓΟΝΤΙΟ ΣΥΣΤΑΣΕΙΣ

ΑΘΗΝΑΙ, 10. — Ὑπὸ τοῦ ὑπουργοῦ ἀνεκοινώθη ὅτι κατὰ τὴν χθεσινὴν συνεδρίασιν τοῦ συμβουλίου ἐξητάσθησαν διάφορα ζητήματα τῆς ἁρμοδιότητος αὐτοῦ, ἐνῷ ἀπεφασίσθη ἡ ἀποστολὴ ἐπιτροπῆς πρὸς μελέτην τῶν προβλημάτων τῆς περιοχῆς. Ἡ συζήτησις θὰ συνεχισθῇ κατὰ τὴν προσεχῆ συνεδρίασιν.

ΝΕΑΙ ΣΥΝΑΝΤΗΣΕΙΣ

ΚΑΒΑΛΑ, 10. — Ἡ ἀγορὰ τῶν καπνῶν ἐξακολουθεῖ μὲ βραδὺν ρυθμόν. Μέχρι στιγμῆς διετέθησαν περιορισμέναι ποσότητες, οἱ δὲ παραγωγοὶ ἀρνοῦνται νὰ διαθέσουν τὰ προϊόντα των εἰς τὰς προσφερομένας τιμάς.

Κατὰ τὰς πληροφορίας μας, αἱ ἀρμόδιαι ὑπηρεσίαι προέβησαν εἰς τὰς ἀναγκαίας ἐνεργείας διὰ τὴν ταχυτέραν διεκπεραίωσιν τῶν ἐκκρεμοτήτων. Ὡς γνωστόν, τὸ θέμα ἀπησχόλησε καὶ κατὰ τὸ παρελθὸν τὰς ἐπιτροπὰς τοῦ συλλόγου καὶ ἐζητήθη ἡ λῆψις μέτρων.

Κατὰ τὰς πληροφορίας μας, αἱ ἀρμόδιαι ὑπηρεσίαι προέβησαν εἰς τὰς ἀναγκαίας ἐνεργείας διὰ τὴν ταχυτέραν διεκπεραίωσιν τῶν ἐκκρεμοτήτων. Ὡς γνωστόν, τὸ θέμα ἀπησχόλησε καὶ κατὰ τὸ παρελθὸν τὰς ἐπιτροπὰς τοῦ συλλόγου καὶ ἐζητήθη ἡ λῆψις μέτρων.

Η ΠΑΡΕΜΒΑΣΙΣ ΤΟΥ Ε.Ο.Κ.

Ἐξ ἄλλου, ὁ ἀρμόδιος ὑπουργὸς ἐδήλωσεν ὅτι ἡ κυβέρνησις θὰ ἐξετάσῃ μὲ εὐμένειαν τὰ αἰτήματα τῶν ἐνδιαφερομένων καὶ ὅτι τὸ συντομώτερον δυνατὸν θὰ ληφθοῦν αἱ ἀπαραίτητοι ἀποφάσεις πρὸς ἱκανοποίησιν αὐτῶν.

ΑΘΗΝΑΙ, 10. — Ὑπὸ τοῦ ὑπουργοῦ ἀνεκοινώθη ὅτι κατὰ τὴν χθεσινὴν συνεδρίασιν τοῦ συμβουλίου ἐξητάσθησαν διάφορα ζητήματα τῆς ἁρμοδιότητος αὐτοῦ, ἐνῷ ἀπεφασίσθη ἡ ἀποστολὴ ἐπιτροπῆς πρὸς μελέτην τῶν προβλημάτων τῆς περιοχῆς. Ἡ συζήτησις θὰ συνεχισθῇ κατὰ τὴν προσεχῆ συνεδρίασιν.

ΚΑΤΑΓΓΕΛΙΑ ΤΟΥ κ. ΚΑΤΣΟΤΑ

ΚΑΒΑΛΑ, 10. — Ἡ ἀγορὰ τῶν καπνῶν ἐξακολουθεῖ μὲ βραδὺν ρυθμόν. Μέχρι στιγμῆς διετέθησαν περιορισμέναι ποσότητες, οἱ δὲ παραγωγοὶ ἀρνοῦνται νὰ διαθέσουν τὰ προϊόντα των εἰς τὰς προσφερομένας τιμάς.

ΕΥΘΥΝΑΣ ΔΙΑ ΤΟ ΤΡΑΓΙΚΟΝ ΝΑΥΑΓΙΟΝ ΑΝΑΖΗΤΕΙ Η ΕΚ ΒΟΥΛΕΥΤΩΝ ΕΠΙΤΡΟΠΗ
ΔΙΕΤΑΧΘΗ ΚΑΙ ΝΕΑ ΑΝΑΚΡΙΣΙΣ ΕΠΙ ΩΡΙΣΜΕΝΩΝ ΛΕΠΤΟΜΕΡΕΙΩΝ

ΑΘΗΝΑΙ, 10. — Ὑπὸ τοῦ ὑπουργοῦ ἀνεκοινώθη ὅτι κατὰ τὴν χθεσινὴν συνεδρίασιν τοῦ συμβουλίου ἐξητάσθησαν διάφορα ζητήματα τῆς ἁρμοδιότητος αὐτοῦ, ἐνῷ ἀπεφασίσθη ἡ ἀποστολὴ ἐπιτροπῆς πρὸς μελέτην τῶν προβλημάτων τῆς περιοχῆς. Ἡ συζήτησις θὰ συνεχισθῇ κατὰ τὴν προσεχῆ συνεδρίασιν.

Ἐξ ἄλλου, ὁ ἀρμόδιος ὑπουργὸς ἐδήλωσεν ὅτι ἡ κυβέρνησις θὰ ἐξετάσῃ μὲ εὐμένειαν τὰ αἰτήματα τῶν ἐνδιαφερομένων καὶ ὅτι τὸ συντομώτερον δυνατὸν θὰ ληφθοῦν αἱ ἀπαραίτητοι ἀποφάσεις πρὸς ἱκανοποίησιν αὐτῶν.

Η ΣΥΖΗΤΗΣΙΣ

Κατὰ τὰς πληροφορίας μας, αἱ ἀρμόδιαι ὑπηρεσίαι προέβησαν εἰς τὰς ἀναγκαίας ἐνεργείας διὰ τὴν ταχυτέραν διεκπεραίωσιν τῶν ἐκκρεμοτήτων. Ὡς γνωστόν, τὸ θέμα ἀπησχόλησε καὶ κατὰ τὸ παρελθὸν τὰς ἐπιτροπὰς τοῦ συλλόγου καὶ ἐζητήθη ἡ λῆψις μέτρων.

ΑΘΗΝΑΙ, 10. — Ὑπὸ τοῦ ὑπουργοῦ ἀνεκοινώθη ὅτι κατὰ τὴν χθεσινὴν συνεδρίασιν τοῦ συμβουλίου ἐξητάσθησαν διάφορα ζητήματα τῆς ἁρμοδιότητος αὐτοῦ, ἐνῷ ἀπεφασίσθη ἡ ἀποστολὴ ἐπιτροπῆς πρὸς μελέτην τῶν προβλημάτων τῆς περιοχῆς. Ἡ συζήτησις θὰ συνεχισθῇ κατὰ τὴν προσεχῆ συνεδρίασιν.

Κατὰ τὰς πληροφορίας μας, αἱ ἀρμόδιαι ὑπηρεσίαι προέβησαν εἰς τὰς ἀναγκαίας ἐνεργείας διὰ τὴν ταχυτέραν διεκπεραίωσιν τῶν ἐκκρεμοτήτων. Ὡς γνωστόν, τὸ θέμα ἀπησχόλησε καὶ κατὰ τὸ παρελθὸν τὰς ἐπιτροπὰς τοῦ συλλόγου καὶ ἐζητήθη ἡ λῆψις μέτρων.

ΥΠΟΔΕΙΞΕΙΣ ΡΕΖΑΝ

Ἐξ ἄλλου, ὁ ἀρμόδιος ὑπουργὸς ἐδήλωσεν ὅτι ἡ κυβέρνησις θὰ ἐξετάσῃ μὲ εὐμένειαν τὰ αἰτήματα τῶν ἐνδιαφερομένων καὶ ὅτι τὸ συντομώτερον δυνατὸν θὰ ληφθοῦν αἱ ἀπαραίτητοι ἀποφάσεις πρὸς ἱκανοποίησιν αὐτῶν.

ΑΘΗΝΑΙ, 10. — Ὑπὸ τοῦ ὑπουργοῦ ἀνεκοινώθη ὅτι κατὰ τὴν χθεσινὴν συνεδρίασιν τοῦ συμβουλίου ἐξητάσθησαν διάφορα ζητήματα τῆς ἁρμοδιότητος αὐτοῦ, ἐνῷ ἀπεφασίσθη ἡ ἀποστολὴ ἐπιτροπῆς πρὸς μελέτην τῶν προβλημάτων τῆς περιοχῆς. Ἡ συζήτησις θὰ συνεχισθῇ κατὰ τὴν προσεχῆ συνεδρίασιν.

Κατὰ τὰς πληροφορίας μας, αἱ ἀρμόδιαι ὑπηρεσίαι προέβησαν εἰς τὰς ἀναγκαίας ἐνεργείας διὰ τὴν ταχυτέραν διεκπεραίωσιν τῶν ἐκκρεμοτήτων. Ὡς γνωστόν, τὸ θέμα ἀπησχόλησε καὶ κατὰ τὸ παρελθὸν τὰς ἐπιτροπὰς τοῦ συλλόγου καὶ ἐζητήθη ἡ λῆψις μέτρων.

Ἐξ ἄλλου, ὁ ἀρμόδιος ὑπουργὸς ἐδήλωσεν ὅτι ἡ κυβέρνησις θὰ ἐξετάσῃ μὲ εὐμένειαν τὰ αἰτήματα τῶν ἐνδιαφερομένων καὶ ὅτι τὸ συντομώτερον δυνατὸν θὰ ληφθοῦν αἱ ἀπαραίτητοι ἀποφάσεις πρὸς ἱκανοποίησιν αὐτῶν.

ΔΕΝ ΕΧΕΙ ΠΕΡΙΦΡΟΝΗ

ΑΘΗΝΑΙ, 10. — Ὑπὸ τοῦ ὑπουργοῦ ἀνεκοινώθη ὅτι κατὰ τὴν χθεσινὴν συνεδρίασιν τοῦ συμβουλίου ἐξητάσθησαν διάφορα ζητήματα τῆς ἁρμοδιότητος αὐτοῦ, ἐνῷ ἀπεφασίσθη ἡ ἀποστολὴ ἐπιτροπῆς πρὸς μελέτην τῶν προβλημάτων τῆς περιοχῆς. Ἡ συζήτησις θὰ συνεχισθῇ κατὰ τὴν προσεχῆ συνεδρίασιν.

ΑΙ ΕΥΘΥΝΑΙ

Κατὰ τὰς πληροφορίας μας, αἱ ἀρμόδιαι ὑπηρεσίαι προέβησαν εἰς τὰς ἀναγκαίας ἐνεργείας διὰ τὴν ταχυτέραν διεκπεραίωσιν τῶν ἐκκρεμοτήτων. Ὡς γνωστόν, τὸ θέμα ἀπησχόλησε καὶ κατὰ τὸ παρελθὸν τὰς ἐπιτροπὰς τοῦ συλλόγου καὶ ἐζητήθη ἡ λῆψις μέτρων.

ΝΕΑ ΑΝΑΚΡΙΣΙΣ

Ἐξ ἄλλου, ὁ ἀρμόδιος ὑπουργὸς ἐδήλωσεν ὅτι ἡ κυβέρνησις θὰ ἐξετάσῃ μὲ εὐμένειαν τὰ αἰτήματα τῶν ἐνδιαφερομένων καὶ ὅτι τὸ συντομώτερον δυνατὸν θὰ ληφθοῦν αἱ ἀπαραίτητοι ἀποφάσεις πρὸς ἱκανοποίησιν αὐτῶν.

Ο Κ. ΜΠΡΑΝΤ ΒΕΒΑΙΟΙ ΟΤΙ Η ΔΥΤ. ΓΕΡΜΑΝΙΑ ΘΑ ΑΠΟΚΑΤΑΣΤΗΣΗ ΤΑΣ ΣΧΕΣΕΙΣ ΚΑΙ ΜΕ ΑΛΛΑΣ ΚΟΜΜΟΥΝΙΣΤΙΚΑΣ ΧΩΡΑΣ

ΑΘΗΝΑΙ, 10. — Ὑπὸ τοῦ ὑπουργοῦ ἀνεκοινώθη ὅτι κατὰ τὴν χθεσινὴν συνεδρίασιν τοῦ συμβουλίου ἐξητάσθησαν διάφορα ζητήματα τῆς ἁρμοδιότητος αὐτοῦ, ἐνῷ ἀπεφασίσθη ἡ ἀποστολὴ ἐπιτροπῆς πρὸς μελέτην τῶν προβλημάτων τῆς περιοχῆς. Ἡ συζήτησις θὰ συνεχισθῇ κατὰ τὴν προσεχῆ συνεδρίασιν.

ΜΕΙΩΣΙΣ ΔΥΝΑΜΕΩΝ

Ἐξ ἄλλου, ὁ ἀρμόδιος ὑπουργὸς ἐδήλωσεν ὅτι ἡ κυβέρνησις θὰ ἐξετάσῃ μὲ εὐμένειαν τὰ αἰτήματα τῶν ἐνδιαφερομένων καὶ ὅτι τὸ συντομώτερον δυνατὸν θὰ ληφθοῦν αἱ ἀπαραίτητοι ἀποφάσεις πρὸς ἱκανοποίησιν αὐτῶν.

Κατὰ τὰς πληροφορίας μας, αἱ ἀρμόδιαι ὑπηρεσίαι προέβησαν εἰς τὰς ἀναγκαίας ἐνεργείας διὰ τὴν ταχυτέραν διεκπεραίωσιν τῶν ἐκκρεμοτήτων. Ὡς γνωστόν, τὸ θέμα ἀπησχόλησε καὶ κατὰ τὸ παρελθὸν τὰς ἐπιτροπὰς τοῦ συλλόγου καὶ ἐζητήθη ἡ λῆψις μέτρων.

ΑΙ ΑΡΑΒΙΚΑΙ ΧΩΡΑΙ

ΑΘΗΝΑΙ, 10. — Ὑπὸ τοῦ ὑπουργοῦ ἀνεκοινώθη ὅτι κατὰ τὴν χθεσινὴν συνεδρίασιν τοῦ συμβουλίου ἐξητάσθησαν διάφορα ζητήματα τῆς ἁρμοδιότητος αὐτοῦ, ἐνῷ ἀπεφασίσθη ἡ ἀποστολὴ ἐπιτροπῆς πρὸς μελέτην τῶν προβλημάτων τῆς περιοχῆς. Ἡ συζήτησις θὰ συνεχισθῇ κατὰ τὴν προσεχῆ συνεδρίασιν.

Ἐξ ἄλλου, ὁ ἀρμόδιος ὑπουργὸς ἐδήλωσεν ὅτι ἡ κυβέρνησις θὰ ἐξετάσῃ μὲ εὐμένειαν τὰ αἰτήματα τῶν ἐνδιαφερομένων καὶ ὅτι τὸ συντομώτερον δυνατὸν θὰ ληφθοῦν αἱ ἀπαραίτητοι ἀποφάσεις πρὸς ἱκανοποίησιν αὐτῶν.

Κατὰ τὰς πληροφορίας μας, αἱ ἀρμόδιαι ὑπηρεσίαι προέβησαν εἰς τὰς ἀναγκαίας ἐνεργείας διὰ τὴν ταχυτέραν διεκπεραίωσιν τῶν ἐκκρεμοτήτων. Ὡς γνωστόν, τὸ θέμα ἀπησχόλησε καὶ κατὰ τὸ παρελθὸν τὰς ἐπιτροπὰς τοῦ συλλόγου καὶ ἐζητήθη ἡ λῆψις μέτρων.

ΕΥΡΥΤΑΤΑΙ ΜΕΛΕΤΑΙ ΕΙΣ ΤΗΝ ΣΟΒΙΕΤ. ΕΝΩΣΙΝ ΠΡΟΣ ΚΑΤΑΠΟΛΕΜΗΣΙΝ ΝΟΣΩΝ ΤΩΝ ΙΧΘΥΩΝ

ΑΘΗΝΑΙ, 10. — Ὑπὸ τοῦ ὑπουργοῦ ἀνεκοινώθη ὅτι κατὰ τὴν χθεσινὴν συνεδρίασιν τοῦ συμβουλίου ἐξητάσθησαν διάφορα ζητήματα τῆς ἁρμοδιότητος αὐτοῦ, ἐνῷ ἀπεφασίσθη ἡ ἀποστολὴ ἐπιτροπῆς πρὸς μελέτην τῶν προβλημάτων τῆς περιοχῆς. Ἡ συζήτησις θὰ συνεχισθῇ κατὰ τὴν προσεχῆ συνεδρίασιν.

Κατὰ τὰς πληροφορίας μας, αἱ ἀρμόδιαι ὑπηρεσίαι προέβησαν εἰς τὰς ἀναγκαίας ἐνεργείας διὰ τὴν ταχυτέραν διεκπεραίωσιν τῶν ἐκκρεμοτήτων. Ὡς γνωστόν, τὸ θέμα ἀπησχόλησε καὶ κατὰ τὸ παρελθὸν τὰς ἐπιτροπὰς τοῦ συλλόγου καὶ ἐζητήθη ἡ λῆψις μέτρων.

Ἐξ ἄλλου, ὁ ἀρμόδιος ὑπουργὸς ἐδήλωσεν ὅτι ἡ κυβέρνησις θὰ ἐξετάσῃ μὲ εὐμένειαν τὰ αἰτήματα τῶν ἐνδιαφερομένων καὶ ὅτι τὸ συντομώτερον δυνατὸν θὰ ληφθοῦν αἱ ἀπαραίτητοι ἀποφάσεις πρὸς ἱκανοποίησιν αὐτῶν.

Σελις 7
ΠΡΟΠΑΡΑΣΚΕΥΑΣΤΙΚΗΝ ΘΕΩΡΕΙ Ο ΥΠΟΥΡΓΟΣ ΠΑΙΔΕΙΑΣ ΤΗΝ ΠΡΩΤΟΒΟΥΛΙΑΝ ΔΙΑ ΤΟΝ ΚΑΤΑΡΤΙΣΜΟΝ ΚΑΤΑΣΤΑΤΙΚΟΥ ΧΑΡΤΟΥ ΤΩΝ ΑΝΩΤΑΤΩΝ ΙΔΡΥΜΑΤΩΝ
Η ΦΟΡΟΛΟΓΙΑ ΔΓ ΕΚΘΑΙΤΙΚΑ ΔΙΚΑΙΩΜΑΤΑ

ΑΘΗΝΑΙ, 10. — Ὑπὸ τοῦ ὑπουργοῦ ἀνεκοινώθη ὅτι κατὰ τὴν χθεσινὴν συνεδρίασιν τοῦ συμβουλίου ἐξητάσθησαν διάφορα ζητήματα τῆς ἁρμοδιότητος αὐτοῦ, ἐνῷ ἀπεφασίσθη ἡ ἀποστολὴ ἐπιτροπῆς πρὸς μελέτην τῶν προβλημάτων τῆς περιοχῆς. Ἡ συζήτησις θὰ συνεχισθῇ κατὰ τὴν προσεχῆ συνεδρίασιν.

Κατὰ τὰς πληροφορίας μας, αἱ ἀρμόδιαι ὑπηρεσίαι προέβησαν εἰς τὰς ἀναγκαίας ἐνεργείας διὰ τὴν ταχυτέραν διεκπεραίωσιν τῶν ἐκκρεμοτήτων. Ὡς γνωστόν, τὸ θέμα ἀπησχόλησε καὶ κατὰ τὸ παρελθὸν τὰς ἐπιτροπὰς τοῦ συλλόγου καὶ ἐζητήθη ἡ λῆψις μέτρων.

ΗΡΧΙΣΑΝ ΑΙ ΕΣΤΑΣΕΙΣ ΥΠΟΨΗΦΙΩΝ ΔΙΚΗΓΟΡΩΝ ΕΠΑΡΧΙΑΚΩΝ ΣΥΛΛΟΓΩΝ

Ἐξ ἄλλου, ὁ ἀρμόδιος ὑπουργὸς ἐδήλωσεν ὅτι ἡ κυβέρνησις θὰ ἐξετάσῃ μὲ εὐμένειαν τὰ αἰτήματα τῶν ἐνδιαφερομένων καὶ ὅτι τὸ συντομώτερον δυνατὸν θὰ ληφθοῦν αἱ ἀπαραίτητοι ἀποφάσεις πρὸς ἱκανοποίησιν αὐτῶν.

ΗΥΞΗΘΗ ΤΟ ΤΕΛΟΣ ΤΟΥ "ΤΕΛΕΣ" ΕΛΛΑΔΟΣ — ΣΟΥΗΔΙΑΣ

ΑΘΗΝΑΙ, 10. — Ὑπὸ τοῦ ὑπουργοῦ ἀνεκοινώθη ὅτι κατὰ τὴν χθεσινὴν συνεδρίασιν τοῦ συμβουλίου ἐξητάσθησαν διάφορα ζητήματα τῆς ἁρμοδιότητος αὐτοῦ, ἐνῷ ἀπεφασίσθη ἡ ἀποστολὴ ἐπιτροπῆς πρὸς μελέτην τῶν προβλημάτων τῆς περιοχῆς. Ἡ συζήτησις θὰ συνεχισθῇ κατὰ τὴν προσεχῆ συνεδρίασιν.

Κατὰ τὰς πληροφορίας μας, αἱ ἀρμόδιαι ὑπηρεσίαι προέβησαν εἰς τὰς ἀναγκαίας ἐνεργείας διὰ τὴν ταχυτέραν διεκπεραίωσιν τῶν ἐκκρεμοτήτων. Ὡς γνωστόν, τὸ θέμα ἀπησχόλησε καὶ κατὰ τὸ παρελθὸν τὰς ἐπιτροπὰς τοῦ συλλόγου καὶ ἐζητήθη ἡ λῆψις μέτρων.

Ἐξ ἄλλου, ὁ ἀρμόδιος ὑπουργὸς ἐδήλωσεν ὅτι ἡ κυβέρνησις θὰ ἐξετάσῃ μὲ εὐμένειαν τὰ αἰτήματα τῶν ἐνδιαφερομένων καὶ ὅτι τὸ συντομώτερον δυνατὸν θὰ ληφθοῦν αἱ ἀπαραίτητοι ἀποφάσεις πρὸς ἱκανοποίησιν αὐτῶν.

ΑΘΗΝΑΙ, 10. — Ὑπὸ τοῦ ὑπουργοῦ ἀνεκοινώθη ὅτι κατὰ τὴν χθεσινὴν συνεδρίασιν τοῦ συμβουλίου ἐξητάσθησαν διάφορα ζητήματα τῆς ἁρμοδιότητος αὐτοῦ, ἐνῷ ἀπεφασίσθη ἡ ἀποστολὴ ἐπιτροπῆς πρὸς μελέτην τῶν προβλημάτων τῆς περιοχῆς. Ἡ συζήτησις θὰ συνεχισθῇ κατὰ τὴν προσεχῆ συνεδρίασιν.

Κατὰ τὰς πληροφορίας μας, αἱ ἀρμόδιαι ὑπηρεσίαι προέβησαν εἰς τὰς ἀναγκαίας ἐνεργείας διὰ τὴν ταχυτέραν διεκπεραίωσιν τῶν ἐκκρεμοτήτων. Ὡς γνωστόν, τὸ θέμα ἀπησχόλησε καὶ κατὰ τὸ παρελθὸν τὰς ἐπιτροπὰς τοῦ συλλόγου καὶ ἐζητήθη ἡ λῆψις μέτρων.

ΣΠΕΙΡΑ ΚΑΛΛΙΕΡΓΗΤΩΝ ΚΑΙ ΕΜΠΟΡΩΝ ΝΑΡΚΩΤΙΚΩΝ ΔΙΚΑΖΕΤΑΙ ΕΙΣ ΤΟ ΚΑΚΟΥΡΓΙΟΔΙΚΕΙΟΝ ΤΩΝ ΑΘΗΝΩΝ

Ἐξ ἄλλου, ὁ ἀρμόδιος ὑπουργὸς ἐδήλωσεν ὅτι ἡ κυβέρνησις θὰ ἐξετάσῃ μὲ εὐμένειαν τὰ αἰτήματα τῶν ἐνδιαφερομένων καὶ ὅτι τὸ συντομώτερον δυνατὸν θὰ ληφθοῦν αἱ ἀπαραίτητοι ἀποφάσεις πρὸς ἱκανοποίησιν αὐτῶν.

ΑΘΗΝΑΙ, 10. — Ὑπὸ τοῦ ὑπουργοῦ ἀνεκοινώθη ὅτι κατὰ τὴν χθεσινὴν συνεδρίασιν τοῦ συμβουλίου ἐξητάσθησαν διάφορα ζητήματα τῆς ἁρμοδιότητος αὐτοῦ, ἐνῷ ἀπεφασίσθη ἡ ἀποστολὴ ἐπιτροπῆς πρὸς μελέτην τῶν προβλημάτων τῆς περιοχῆς. Ἡ συζήτησις θὰ συνεχισθῇ κατὰ τὴν προσεχῆ συνεδρίασιν.

Κατὰ τὰς πληροφορίας μας, αἱ ἀρμόδιαι ὑπηρεσίαι προέβησαν εἰς τὰς ἀναγκαίας ἐνεργείας διὰ τὴν ταχυτέραν διεκπεραίωσιν τῶν ἐκκρεμοτήτων. Ὡς γνωστόν, τὸ θέμα ἀπησχόλησε καὶ κατὰ τὸ παρελθὸν τὰς ἐπιτροπὰς τοῦ συλλόγου καὶ ἐζητήθη ἡ λῆψις μέτρων.

Ἐξ ἄλλου, ὁ ἀρμόδιος ὑπουργὸς ἐδήλωσεν ὅτι ἡ κυβέρνησις θὰ ἐξετάσῃ μὲ εὐμένειαν τὰ αἰτήματα τῶν ἐνδιαφερομένων καὶ ὅτι τὸ συντομώτερον δυνατὸν θὰ ληφθοῦν αἱ ἀπαραίτητοι ἀποφάσεις πρὸς ἱκανοποίησιν αὐτῶν.

ΔΙΑ ΤΗΣ ΕΙΣΑΓΩΓΗΣ ΜΟΣΧΩΝ ΠΡΟΣ ΠΑΧΥΝΣΙΝ ΠΕΡΙΟΡΙΖΕΤΑΙ Η ΕΞΑΓΩΓΗ ΣΥΝΑΛΛΑΓΜΑΤΟΣ

ΑΘΗΝΑΙ, 10. — Ὑπὸ τοῦ ὑπουργοῦ ἀνεκοινώθη ὅτι κατὰ τὴν χθεσινὴν συνεδρίασιν τοῦ συμβουλίου ἐξητάσθησαν διάφορα ζητήματα τῆς ἁρμοδιότητος αὐτοῦ, ἐνῷ ἀπεφασίσθη ἡ ἀποστολὴ ἐπιτροπῆς πρὸς μελέτην τῶν προβλημάτων τῆς περιοχῆς. Ἡ συζήτησις θὰ συνεχισθῇ κατὰ τὴν προσεχῆ συνεδρίασιν.

Κατὰ τὰς πληροφορίας μας, αἱ ἀρμόδιαι ὑπηρεσίαι προέβησαν εἰς τὰς ἀναγκαίας ἐνεργείας διὰ τὴν ταχυτέραν διεκπεραίωσιν τῶν ἐκκρεμοτήτων. Ὡς γνωστόν, τὸ θέμα ἀπησχόλησε καὶ κατὰ τὸ παρελθὸν τὰς ἐπιτροπὰς τοῦ συλλόγου καὶ ἐζητήθη ἡ λῆψις μέτρων.

ΕΠΕΧΕΙΡΗΣΕ ΝΑ ΠΡΟΑΓΑΓΗ ΤΗΝ ΠΑΝΔΡΕΙΑΝ ΤΟΥ ΔΙΑ ΝΑ ΝΥΜΦΕΥΘΟΥΝ ΛΙΑΝ ΣΥΝΤΟΜΩΣ

Ἐξ ἄλλου, ὁ ἀρμόδιος ὑπουργὸς ἐδήλωσεν ὅτι ἡ κυβέρνησις θὰ ἐξετάσῃ μὲ εὐμένειαν τὰ αἰτήματα τῶν ἐνδιαφερομένων καὶ ὅτι τὸ συντομώτερον δυνατὸν θὰ ληφθοῦν αἱ ἀπαραίτητοι ἀποφάσεις πρὸς ἱκανοποίησιν αὐτῶν.

ΑΘΗΝΑΙ, 10. — Ὑπὸ τοῦ ὑπουργοῦ ἀνεκοινώθη ὅτι κατὰ τὴν χθεσινὴν συνεδρίασιν τοῦ συμβουλίου ἐξητάσθησαν διάφορα ζητήματα τῆς ἁρμοδιότητος αὐτοῦ, ἐνῷ ἀπεφασίσθη ἡ ἀποστολὴ ἐπιτροπῆς πρὸς μελέτην τῶν προβλημάτων τῆς περιοχῆς. Ἡ συζήτησις θὰ συνεχισθῇ κατὰ τὴν προσεχῆ συνεδρίασιν.

ΑΙ ΚΕΡΔΙΖΟΥΣΑΙ ΟΜΟΛΟΓΙΑΙ ΤΟΥ ΔΑΝΕΙΟΥ ΤΗΣ ΟΙΚΟΝΟΜΙΚΗΣ ΑΝΑΠΤΥΞΕΩΣ 1964-1965

Κατὰ τὰς πληροφορίας μας, αἱ ἀρμόδιαι ὑπηρεσίαι προέβησαν εἰς τὰς ἀναγκαίας ἐνεργείας διὰ τὴν ταχυτέραν διεκπεραίωσιν τῶν ἐκκρεμοτήτων. Ὡς γνωστόν, τὸ θέμα ἀπησχόλησε καὶ κατὰ τὸ παρελθὸν τὰς ἐπιτροπὰς τοῦ συλλόγου καὶ ἐζητήθη ἡ λῆψις μέτρων.

Ἐξ ἄλλου, ὁ ἀρμόδιος ὑπουργὸς ἐδήλωσεν ὅτι ἡ κυβέρνησις θὰ ἐξετάσῃ μὲ εὐμένειαν τὰ αἰτήματα τῶν ἐνδιαφερομένων καὶ ὅτι τὸ συντομώτερον δυνατὸν θὰ ληφθοῦν αἱ ἀπαραίτητοι ἀποφάσεις πρὸς ἱκανοποίησιν αὐτῶν.

ΑΠΕΦΑΣΙΣΘΗ Η ΣΥΣΤΑΣΙΣ ΜΟΝΑΔΟΣ ΟΡΓΑΝΩΣΕΩΣ ΥΠΟΥΡΓΕΙΟΥ ΓΕΩΡΓΙΑΣ

ΑΘΗΝΑΙ, 10. — Ὑπὸ τοῦ ὑπουργοῦ ἀνεκοινώθη ὅτι κατὰ τὴν χθεσινὴν συνεδρίασιν τοῦ συμβουλίου ἐξητάσθησαν διάφορα ζητήματα τῆς ἁρμοδιότητος αὐτοῦ, ἐνῷ ἀπεφασίσθη ἡ ἀποστολὴ ἐπιτροπῆς πρὸς μελέτην τῶν προβλημάτων τῆς περιοχῆς. Ἡ συζήτησις θὰ συνεχισθῇ κατὰ τὴν προσεχῆ συνεδρίασιν.

Η ΔΕΞΙΑ ΟΡΑΜΑΤΙΖΕΤΑΙ ΑΝΤΙΘΕΣΕΙΣ ΕΙΣ ΤΟ ΚΕΝΤΡΟΝ ΔΙΑ ΝΑ ΚΑΛΥΨΗ ΤΗΝ ΣΥΓΧΥΣΙΝ ΚΑΙ ΤΟΝ ΠΑΝΙΚΟΝ ΤΗΣ
ΣΥΝΕΧΕΙΑ

Κατὰ τὰς πληροφορίας μας, αἱ ἀρμόδιαι ὑπηρεσίαι προέβησαν εἰς τὰς ἀναγκαίας ἐνεργείας διὰ τὴν ταχυτέραν διεκπεραίωσιν τῶν ἐκκρεμοτήτων. Ὡς γνωστόν, τὸ θέμα ἀπησχόλησε καὶ κατὰ τὸ παρελθὸν τὰς ἐπιτροπὰς τοῦ συλλόγου καὶ ἐζητήθη ἡ λῆψις μέτρων.

ΑΙ ΔΗΘΕΝ ΑΝΤΙΘΕΣΕΙΣ

Ἐξ ἄλλου, ὁ ἀρμόδιος ὑπουργὸς ἐδήλωσεν ὅτι ἡ κυβέρνησις θὰ ἐξετάσῃ μὲ εὐμένειαν τὰ αἰτήματα τῶν ἐνδιαφερομένων καὶ ὅτι τὸ συντομώτερον δυνατὸν θὰ ληφθοῦν αἱ ἀπαραίτητοι ἀποφάσεις πρὸς ἱκανοποίησιν αὐτῶν.

ΑΘΗΝΑΙ, 10. — Ὑπὸ τοῦ ὑπουργοῦ ἀνεκοινώθη ὅτι κατὰ τὴν χθεσινὴν συνεδρίασιν τοῦ συμβουλίου ἐξητάσθησαν διάφορα ζητήματα τῆς ἁρμοδιότητος αὐτοῦ, ἐνῷ ἀπεφασίσθη ἡ ἀποστολὴ ἐπιτροπῆς πρὸς μελέτην τῶν προβλημάτων τῆς περιοχῆς. Ἡ συζήτησις θὰ συνεχισθῇ κατὰ τὴν προσεχῆ συνεδρίασιν.

ΤΟΥΣ ΕΝΟΧΛΟΥΝ ΟΙ ΣΥΝΔΕΣΜΟΙ

Κατὰ τὰς πληροφορίας μας, αἱ ἀρμόδιαι ὑπηρεσίαι προέβησαν εἰς τὰς ἀναγκαίας ἐνεργείας διὰ τὴν ταχυτέραν διεκπεραίωσιν τῶν ἐκκρεμοτήτων. Ὡς γνωστόν, τὸ θέμα ἀπησχόλησε καὶ κατὰ τὸ παρελθὸν τὰς ἐπιτροπὰς τοῦ συλλόγου καὶ ἐζητήθη ἡ λῆψις μέτρων.

ΑΘΗΝΑΙ, 10. — Ὑπὸ τοῦ ὑπουργοῦ ἀνεκοινώθη ὅτι κατὰ τὴν χθεσινὴν συνεδρίασιν τοῦ συμβουλίου ἐξητάσθησαν διάφορα ζητήματα τῆς ἁρμοδιότητος αὐτοῦ, ἐνῷ ἀπεφασίσθη ἡ ἀποστολὴ ἐπιτροπῆς πρὸς μελέτην τῶν προβλημάτων τῆς περιοχῆς. Ἡ συζήτησις θὰ συνεχισθῇ κατὰ τὴν προσεχῆ συνεδρίασιν.

Ἐξ ἄλλου, ὁ ἀρμόδιος ὑπουργὸς ἐδήλωσεν ὅτι ἡ κυβέρνησις θὰ ἐξετάσῃ μὲ εὐμένειαν τὰ αἰτήματα τῶν ἐνδιαφερομένων καὶ ὅτι τὸ συντομώτερον δυνατὸν θὰ ληφθοῦν αἱ ἀπαραίτητοι ἀποφάσεις πρὸς ἱκανοποίησιν αὐτῶν.

ΑΙ ΔΥΣΧΕΡΕΙΑΙ ΤΗΣ Ε.Ρ.Ε.

Κατὰ τὰς πληροφορίας μας, αἱ ἀρμόδιαι ὑπηρεσίαι προέβησαν εἰς τὰς ἀναγκαίας ἐνεργείας διὰ τὴν ταχυτέραν διεκπεραίωσιν τῶν ἐκκρεμοτήτων. Ὡς γνωστόν, τὸ θέμα ἀπησχόλησε καὶ κατὰ τὸ παρελθὸν τὰς ἐπιτροπὰς τοῦ συλλόγου καὶ ἐζητήθη ἡ λῆψις μέτρων.

ΑΘΗΝΑΙ, 10. — Ὑπὸ τοῦ ὑπουργοῦ ἀνεκοινώθη ὅτι κατὰ τὴν χθεσινὴν συνεδρίασιν τοῦ συμβουλίου ἐξητάσθησαν διάφορα ζητήματα τῆς ἁρμοδιότητος αὐτοῦ, ἐνῷ ἀπεφασίσθη ἡ ἀποστολὴ ἐπιτροπῆς πρὸς μελέτην τῶν προβλημάτων τῆς περιοχῆς. Ἡ συζήτησις θὰ συνεχισθῇ κατὰ τὴν προσεχῆ συνεδρίασιν.
